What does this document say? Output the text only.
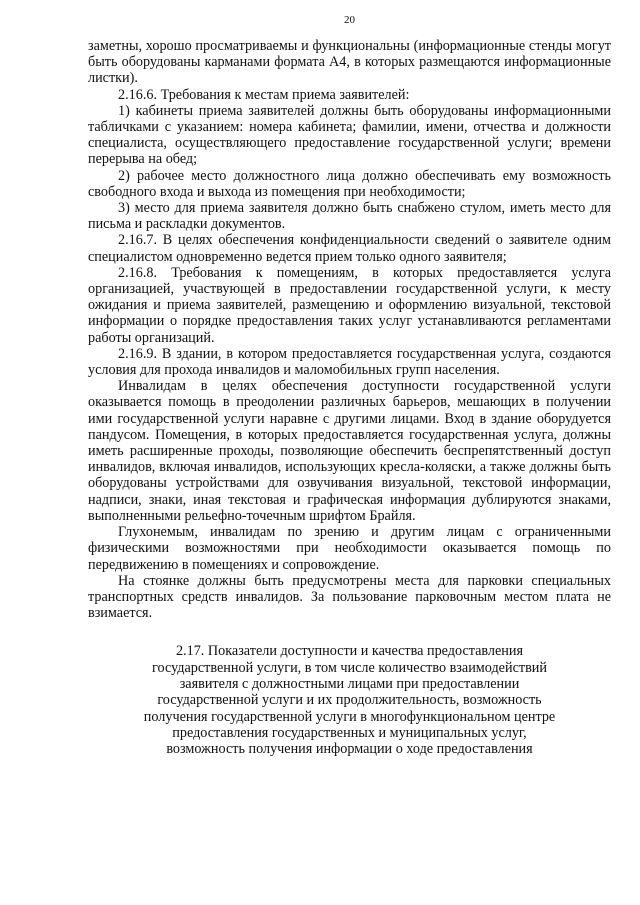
20

заметны, хорошо просматриваемы и функциональны (информационные стенды могут быть оборудованы карманами формата А4, в которых размещаются информационные листки).

2.16.6. Требования к местам приема заявителей:

1) кабинеты приема заявителей должны быть оборудованы информационными табличками с указанием: номера кабинета; фамилии, имени, отчества и должности специалиста, осуществляющего предоставление государственной услуги; времени перерыва на обед;

2) рабочее место должностного лица должно обеспечивать ему возможность свободного входа и выхода из помещения при необходимости;

3) место для приема заявителя должно быть снабжено стулом, иметь место для письма и раскладки документов.

2.16.7. В целях обеспечения конфиденциальности сведений о заявителе одним специалистом одновременно ведется прием только одного заявителя;

2.16.8. Требования к помещениям, в которых предоставляется услуга организацией, участвующей в предоставлении государственной услуги, к месту ожидания и приема заявителей, размещению и оформлению визуальной, текстовой информации о порядке предоставления таких услуг устанавливаются регламентами работы организаций.

2.16.9. В здании, в котором предоставляется государственная услуга, создаются условия для прохода инвалидов и маломобильных групп населения.

Инвалидам в целях обеспечения доступности государственной услуги оказывается помощь в преодолении различных барьеров, мешающих в получении ими государственной услуги наравне с другими лицами. Вход в здание оборудуется пандусом. Помещения, в которых предоставляется государственная услуга, должны иметь расширенные проходы, позволяющие обеспечить беспрепятственный доступ инвалидов, включая инвалидов, использующих кресла-коляски, а также должны быть оборудованы устройствами для озвучивания визуальной, текстовой информации, надписи, знаки, иная текстовая и графическая информация дублируются знаками, выполненными рельефно-точечным шрифтом Брайля.

Глухонемым, инвалидам по зрению и другим лицам с ограниченными физическими возможностями при необходимости оказывается помощь по передвижению в помещениях и сопровождение.

На стоянке должны быть предусмотрены места для парковки специальных транспортных средств инвалидов. За пользование парковочным местом плата не взимается.

2.17. Показатели доступности и качества предоставления государственной услуги, в том числе количество взаимодействий заявителя с должностными лицами при предоставлении государственной услуги и их продолжительность, возможность получения государственной услуги в многофункциональном центре предоставления государственных и муниципальных услуг, возможность получения информации о ходе предоставления
